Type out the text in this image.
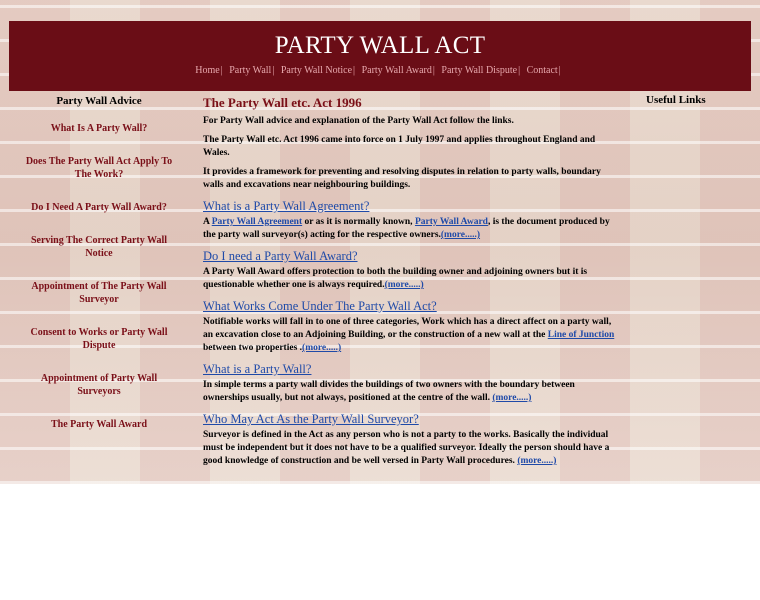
PARTY WALL ACT
Home| Party Wall| Party Wall Notice| Party Wall Award| Party Wall Dispute| Contact|
Party Wall Advice
What Is A Party Wall?
Does The Party Wall Act Apply To The Work?
Do I Need A Party Wall Award?
Serving The Correct Party Wall Notice
Appointment of The Party Wall Surveyor
Consent to Works or Party Wall Dispute
Appointment of Party Wall Surveyors
The Party Wall Award
The Party Wall etc. Act 1996

For Party Wall advice and explanation of the Party Wall Act follow the links.

The Party Wall etc. Act 1996 came into force on 1 July 1997 and applies throughout England and Wales.

It provides a framework for preventing and resolving disputes in relation to party walls, boundary walls and excavations near neighbouring buildings.

What is a Party Wall Agreement?

A Party Wall Agreement or as it is normally known, Party Wall Award, is the document produced by the party wall surveyor(s) acting for the respective owners.(more.....)

Do I need a Party Wall Award?

A Party Wall Award offers protection to both the building owner and adjoining owners but it is questionable whether one is always required.(more.....)

What Works Come Under The Party Wall Act?

Notifiable works will fall in to one of three categories, Work which has a direct affect on a party wall, an excavation close to an Adjoining Building, or the construction of a new wall at the Line of Junction between two properties .(more.....)

What is a Party Wall?

In simple terms a party wall divides the buildings of two owners with the boundary between ownerships usually, but not always, positioned at the centre of the wall. (more.....)

Who May Act As the Party Wall Surveyor?

Surveyor is defined in the Act as any person who is not a party to the works. Basically the individual must be independent but it does not have to be a qualified surveyor. Ideally the person should have a good knowledge of construction and be well versed in Party Wall procedures. (more.....)

Useful Links
